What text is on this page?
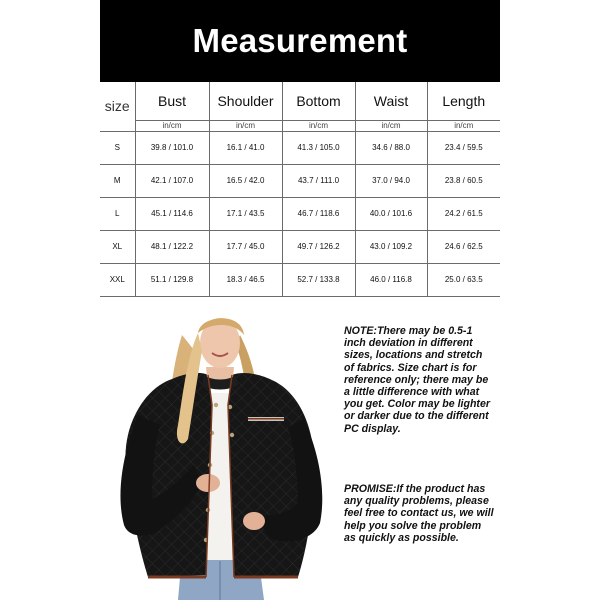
Measurement
size	Bust	Shoulder	Bottom	Waist	Length
	in/cm	in/cm	in/cm	in/cm	in/cm
S	39.8 / 101.0	16.1 / 41.0	41.3 / 105.0	34.6 / 88.0	23.4 / 59.5
M	42.1 / 107.0	16.5 / 42.0	43.7 / 111.0	37.0 / 94.0	23.8 / 60.5
L	45.1 / 114.6	17.1 / 43.5	46.7 / 118.6	40.0 / 101.6	24.2 / 61.5
XL	48.1 / 122.2	17.7 / 45.0	49.7 / 126.2	43.0 / 109.2	24.6 / 62.5
XXL	51.1 / 129.8	18.3 / 46.5	52.7 / 133.8	46.0 / 116.8	25.0 / 63.5

NOTE:There may be 0.5-1 inch deviation in different sizes, locations and stretch of fabrics. Size chart is for reference only; there may be a little difference with what you get. Color may be lighter or darker due to the different PC display.

PROMISE:If the product has any quality problems, please feel free to contact us, we will help you solve the problem as quickly as possible.
